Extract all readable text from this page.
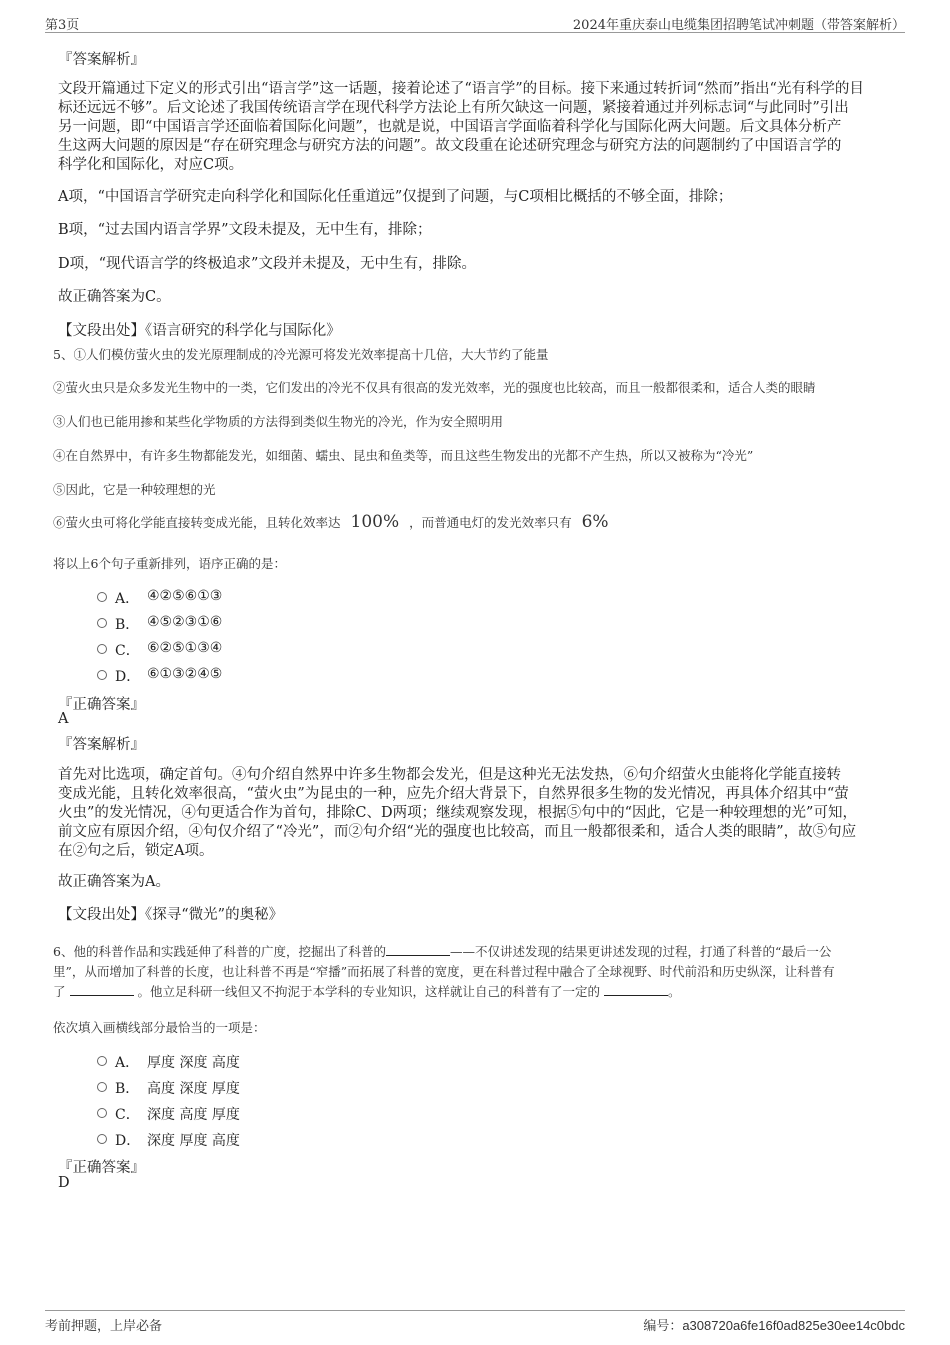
第3页	2024年重庆泰山电缆集团招聘笔试冲刺题（带答案解析）
『答案解析』
文段开篇通过下定义的形式引出“语言学”这一话题，接着论述了“语言学”的目标。接下来通过转折词“然而”指出“光有科学的目
标还远远不够”。后文论述了我国传统语言学在现代科学方法论上有所欠缺这一问题，紧接着通过并列标志词“与此同时”引出
另一问题，即“中国语言学还面临着国际化问题”，也就是说，中国语言学面临着科学化与国际化两大问题。后文具体分析产
生这两大问题的原因是“存在研究理念与研究方法的问题”。故文段重在论述研究理念与研究方法的问题制约了中国语言学的
科学化和国际化，对应C项。
A项，“中国语言学研究走向科学化和国际化任重道远”仅提到了问题，与C项相比概括的不够全面，排除；
B项，“过去国内语言学界”文段未提及，无中生有，排除；
D项，“现代语言学的终极追求”文段并未提及，无中生有，排除。
故正确答案为C。
【文段出处】《语言研究的科学化与国际化》
5、①人们模仿萤火虫的发光原理制成的冷光源可将发光效率提高十几倍，大大节约了能量
②萤火虫只是众多发光生物中的一类，它们发出的冷光不仅具有很高的发光效率，光的强度也比较高，而且一般都很柔和，适合人类的眼睛
③人们也已能用掺和某些化学物质的方法得到类似生物光的冷光，作为安全照明用
④在自然界中，有许多生物都能发光，如细菌、蠕虫、昆虫和鱼类等，而且这些生物发出的光都不产生热，所以又被称为“冷光”
⑤因此，它是一种较理想的光
⑥萤火虫可将化学能直接转变成光能，且转化效率达 100% ，而普通电灯的发光效率只有 6%
将以上6个句子重新排列，语序正确的是：
A． ④②⑤⑥①③
B． ④⑤②③①⑥
C． ⑥②⑤①③④
D． ⑥①③②④⑤
『正确答案』
A
『答案解析』
首先对比选项，确定首句。④句介绍自然界中许多生物都会发光，但是这种光无法发热，⑥句介绍萤火虫能将化学能直接转
变成光能，且转化效率很高，“萤火虫”为昆虫的一种，应先介绍大背景下，自然界很多生物的发光情况，再具体介绍其中“萤
火虫”的发光情况，④句更适合作为首句，排除C、D两项；继续观察发现，根据⑤句中的“因此，它是一种较理想的光”可知，
前文应有原因介绍，④句仅介绍了“冷光”，而②句介绍“光的强度也比较高，而且一般都很柔和，适合人类的眼睛”，故⑤句应
在②句之后，锁定A项。
故正确答案为A。
【文段出处】《探寻“微光”的奥秘》
6、他的科普作品和实践延伸了科普的广度，挖掘出了科普的	——不仅讲述发现的结果更讲述发现的过程，打通了科普的“最后一公
里”，从而增加了科普的长度，也让科普不再是“窄播”而拓展了科普的宽度，更在科普过程中融合了全球视野、时代前沿和历史纵深，让科普有
了	。他立足科研一线但又不拘泥于本学科的专业知识，这样就让自己的科普有了一定的	。
依次填入画横线部分最恰当的一项是：
A． 厚度 深度 高度
B． 高度 深度 厚度
C． 深度 高度 厚度
D． 深度 厚度 高度
『正确答案』
D
考前押题，上岸必备	编号：a308720a6fe16f0ad825e30ee14c0bdc
